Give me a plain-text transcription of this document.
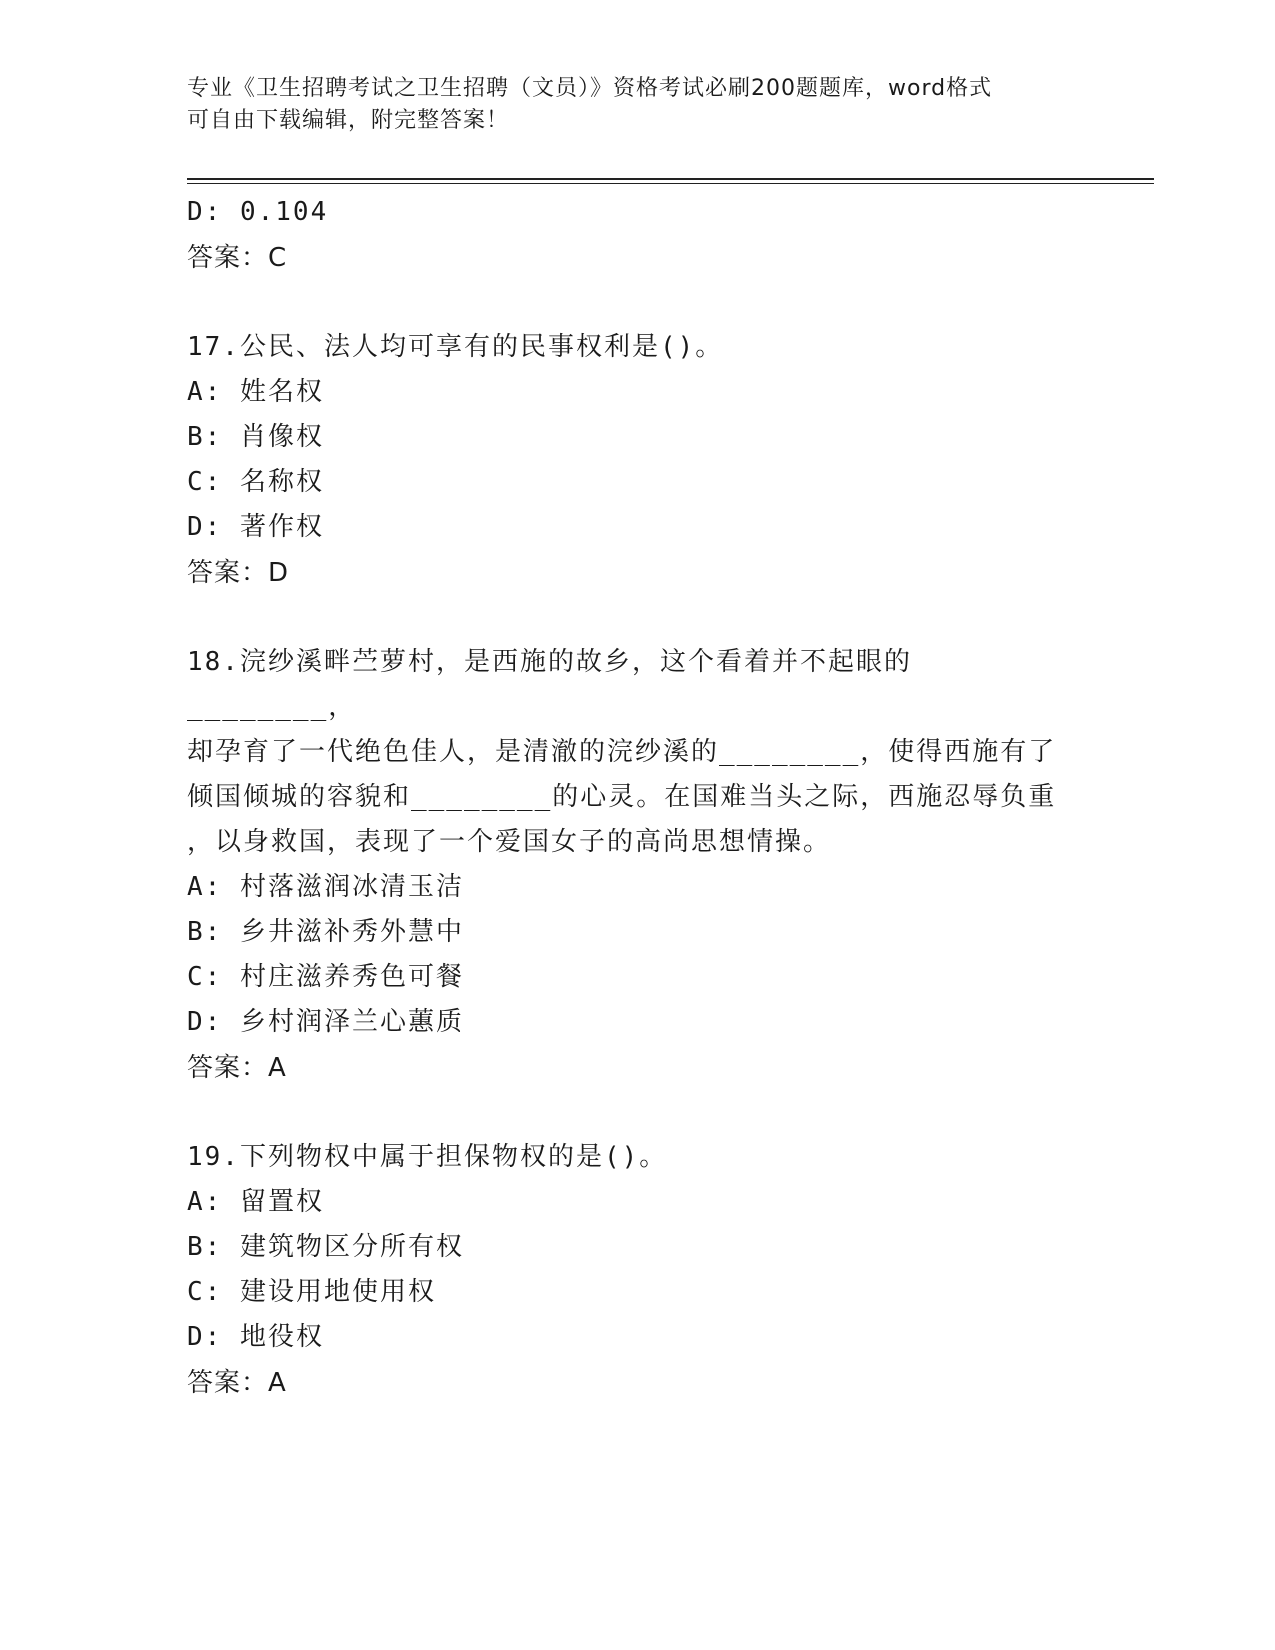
专业《卫生招聘考试之卫生招聘（文员）》资格考试必刷200题题库，word格式
可自由下载编辑，附完整答案！
D: 0.104
答案：C
17.公民、法人均可享有的民事权利是()。
A: 姓名权
B: 肖像权
C: 名称权
D: 著作权
答案：D
18.浣纱溪畔苎萝村，是西施的故乡，这个看着并不起眼的________，
却孕育了一代绝色佳人，是清澈的浣纱溪的________，使得西施有了
倾国倾城的容貌和________的心灵。在国难当头之际，西施忍辱负重
，以身救国，表现了一个爱国女子的高尚思想情操。
A: 村落滋润冰清玉洁
B: 乡井滋补秀外慧中
C: 村庄滋养秀色可餐
D: 乡村润泽兰心蕙质
答案：A
19.下列物权中属于担保物权的是()。
A: 留置权
B: 建筑物区分所有权
C: 建设用地使用权
D: 地役权
答案：A
